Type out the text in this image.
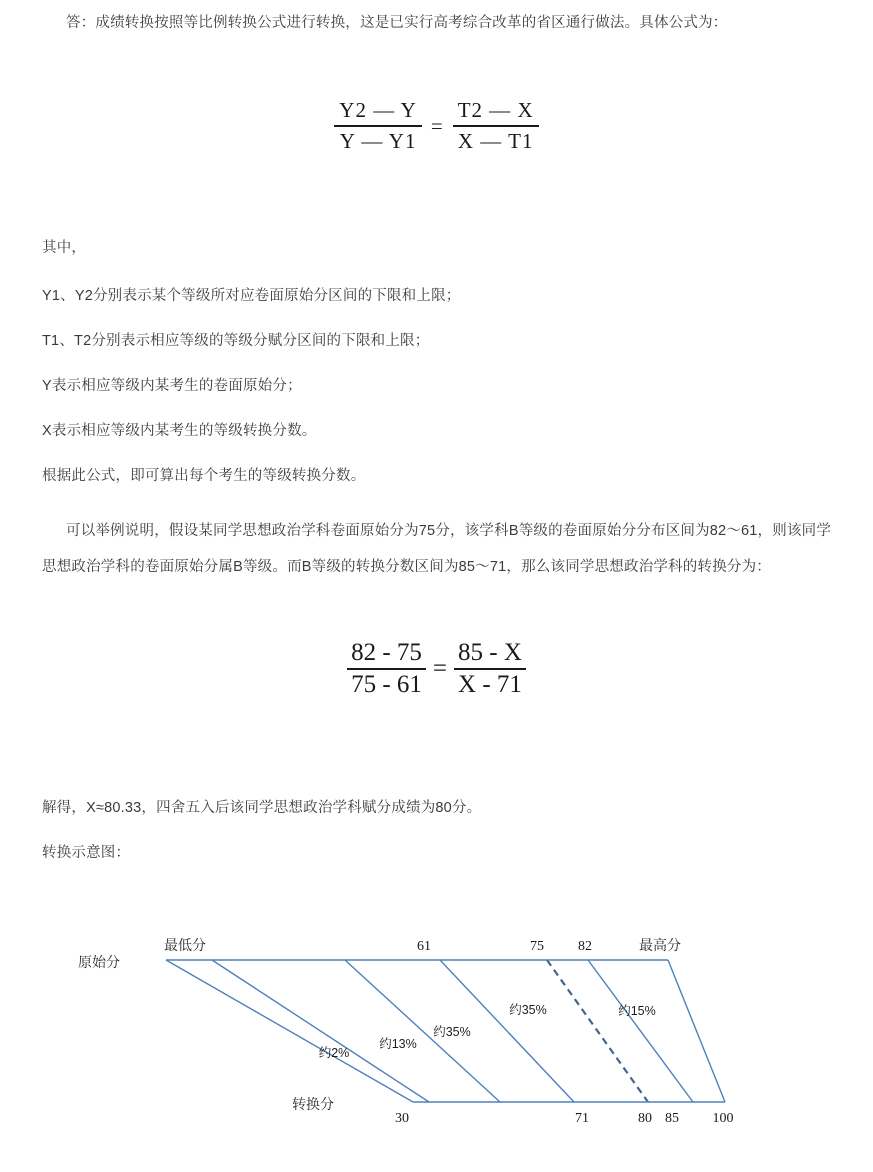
答：成绩转换按照等比例转换公式进行转换，这是已实行高考综合改革的省区通行做法。具体公式为：
$\frac{Y2 — Y}{Y — Y1} = \frac{T2 — X}{X — T1}$
其中，
Y1、Y2分别表示某个等级所对应卷面原始分区间的下限和上限；
T1、T2分别表示相应等级的等级分赋分区间的下限和上限；
Y表示相应等级内某考生的卷面原始分；
X表示相应等级内某考生的等级转换分数。
根据此公式，即可算出每个考生的等级转换分数。
可以举例说明，假设某同学思想政治学科卷面原始分为75分，该学科B等级的卷面原始分分布区间为82～61，则该同学思想政治学科的卷面原始分属B等级。而B等级的转换分数区间为85～71，那么该同学思想政治学科的转换分为：
$\frac{82 - 75}{75 - 61} = \frac{85 - X}{X - 71}$
解得，X≈80.33，四舍五入后该同学思想政治学科赋分成绩为80分。
转换示意图：
最低分	61	75 82	最高分
30	71	80 85 100
约2%
约13%
约35%
约35%	约15%
原始分
转换分
